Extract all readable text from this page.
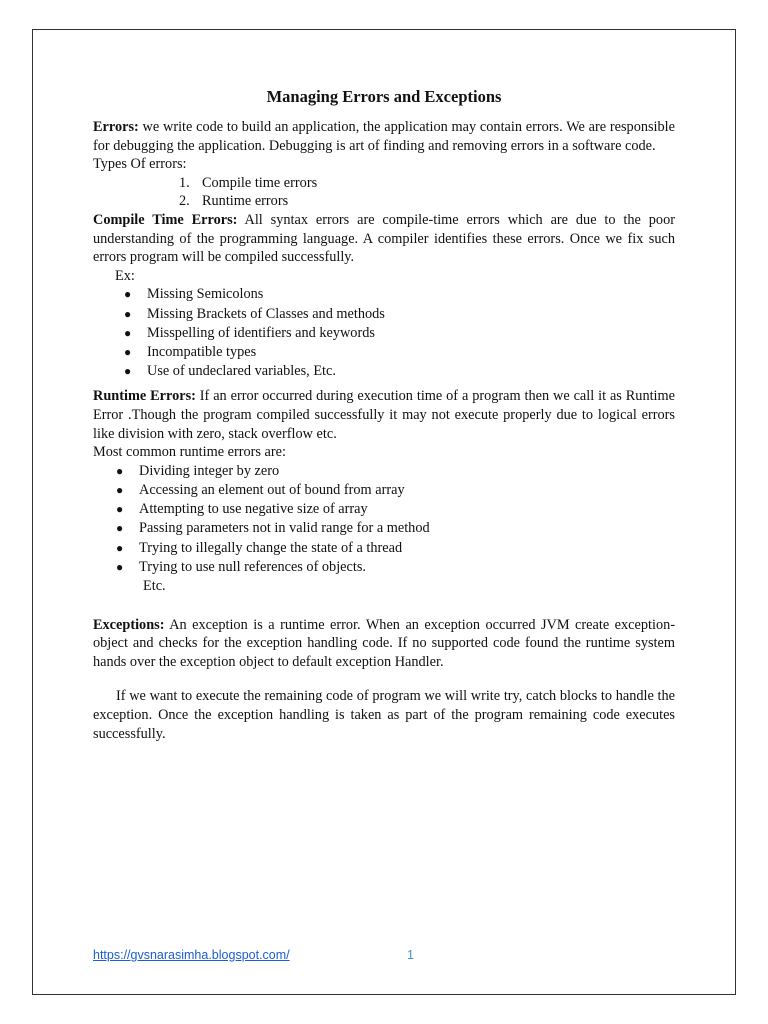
Managing Errors and Exceptions

Errors: we write code to build an application, the application may contain errors. We are responsible for debugging the application. Debugging is art of finding and removing errors in a software code.

Types Of errors:
1. Compile time errors
2. Runtime errors

Compile Time Errors: All syntax errors are compile-time errors which are due to the poor understanding of the programming language. A compiler identifies these errors. Once we fix such errors program will be compiled successfully.

Ex:
● Missing Semicolons
● Missing Brackets of Classes and methods
● Misspelling of identifiers and keywords
● Incompatible types
● Use of undeclared variables, Etc.

Runtime Errors: If an error occurred during execution time of a program then we call it as Runtime Error .Though the program compiled successfully it may not execute properly due to logical errors like division with zero, stack overflow etc.

Most common runtime errors are:
● Dividing integer by zero
● Accessing an element out of bound from array
● Attempting to use negative size of array
● Passing parameters not in valid range for a method
● Trying to illegally change the state of a thread
● Trying to use null references of objects.
Etc.

Exceptions: An exception is a runtime error. When an exception occurred JVM create exception-object and checks for the exception handling code. If no supported code found the runtime system hands over the exception object to default exception Handler.

If we want to execute the remaining code of program we will write try, catch blocks to handle the exception. Once the exception handling is taken as part of the program remaining code executes successfully.

https://gvsnarasimha.blogspot.com/	1
